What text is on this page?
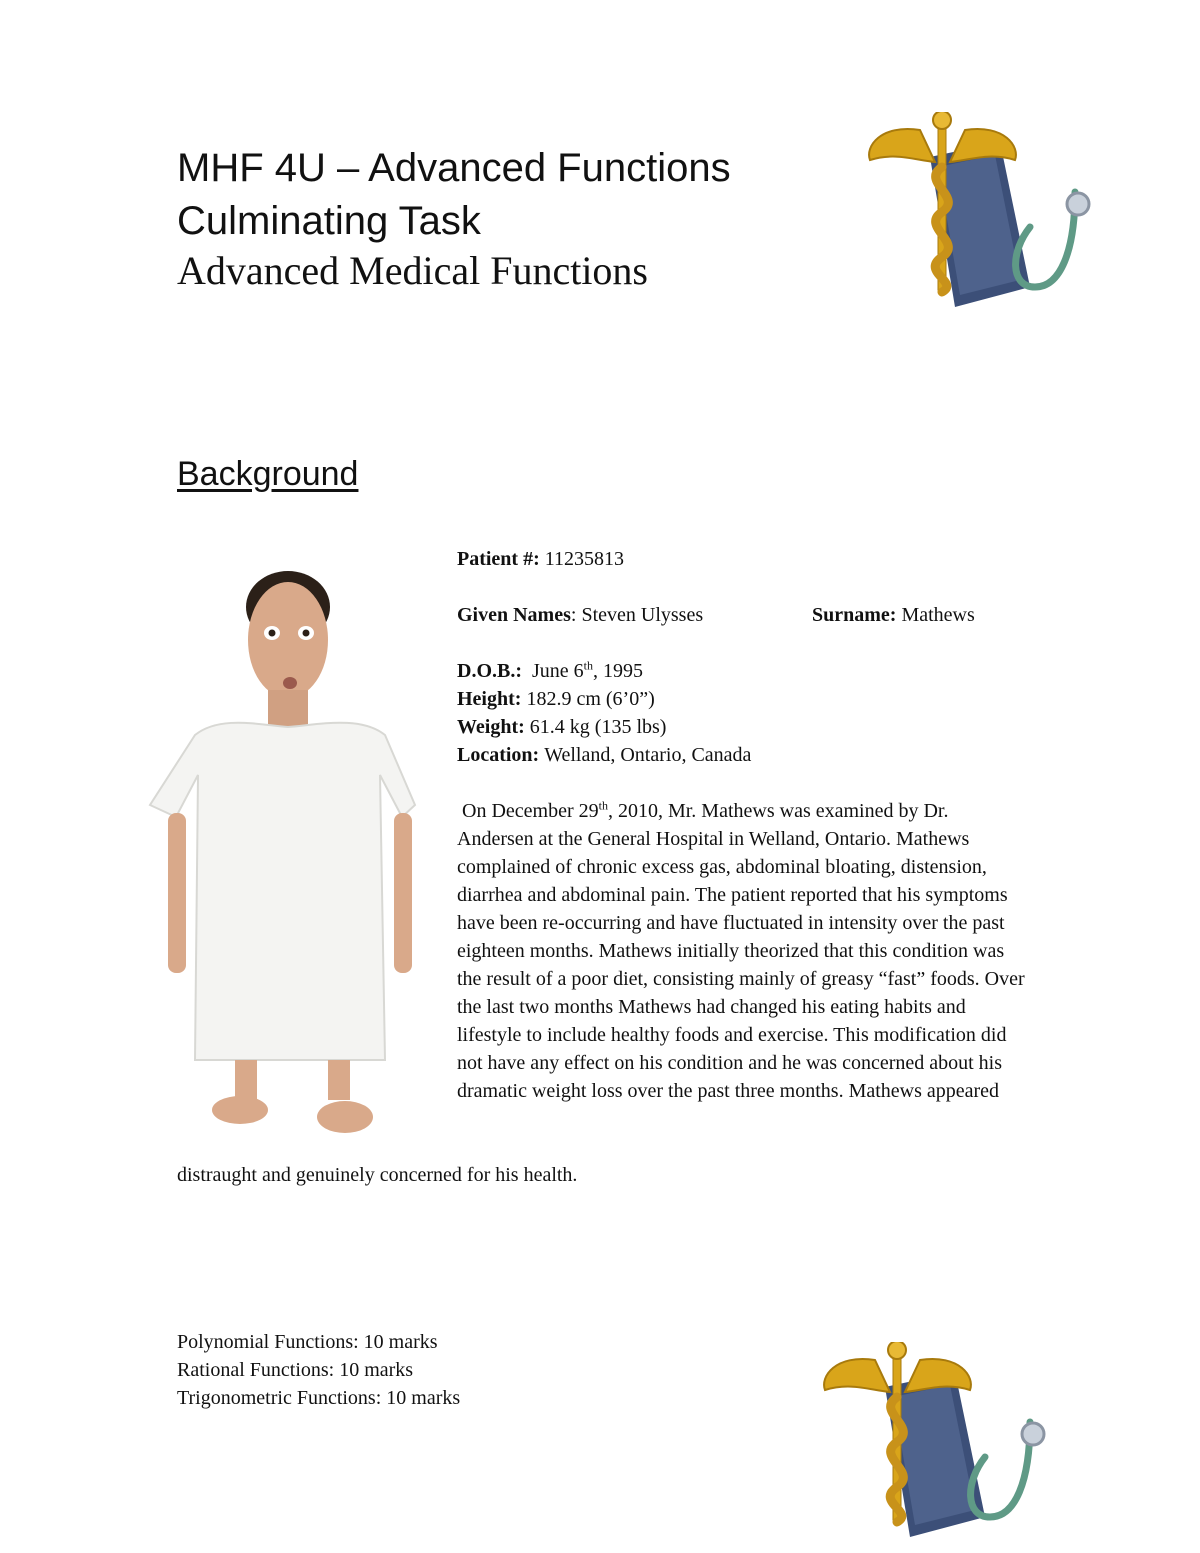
MHF 4U – Advanced Functions
Culminating Task
Advanced Medical Functions
Background
Patient #: 11235813
Given Names: Steven Ulysses	Surname: Mathews
D.O.B.: June 6th, 1995
Height: 182.9 cm (6’0”)
Weight: 61.4 kg (135 lbs)
Location: Welland, Ontario, Canada

On December 29th, 2010, Mr. Mathews was examined by Dr. Andersen at the General Hospital in Welland, Ontario. Mathews complained of chronic excess gas, abdominal bloating, distension, diarrhea and abdominal pain. The patient reported that his symptoms have been re-occurring and have fluctuated in intensity over the past eighteen months. Mathews initially theorized that this condition was the result of a poor diet, consisting mainly of greasy “fast” foods. Over the last two months Mathews had changed his eating habits and lifestyle to include healthy foods and exercise. This modification did not have any effect on his condition and he was concerned about his dramatic weight loss over the past three months. Mathews appeared

distraught and genuinely concerned for his health.

Polynomial Functions: 10 marks
Rational Functions: 10 marks
Trigonometric Functions: 10 marks
